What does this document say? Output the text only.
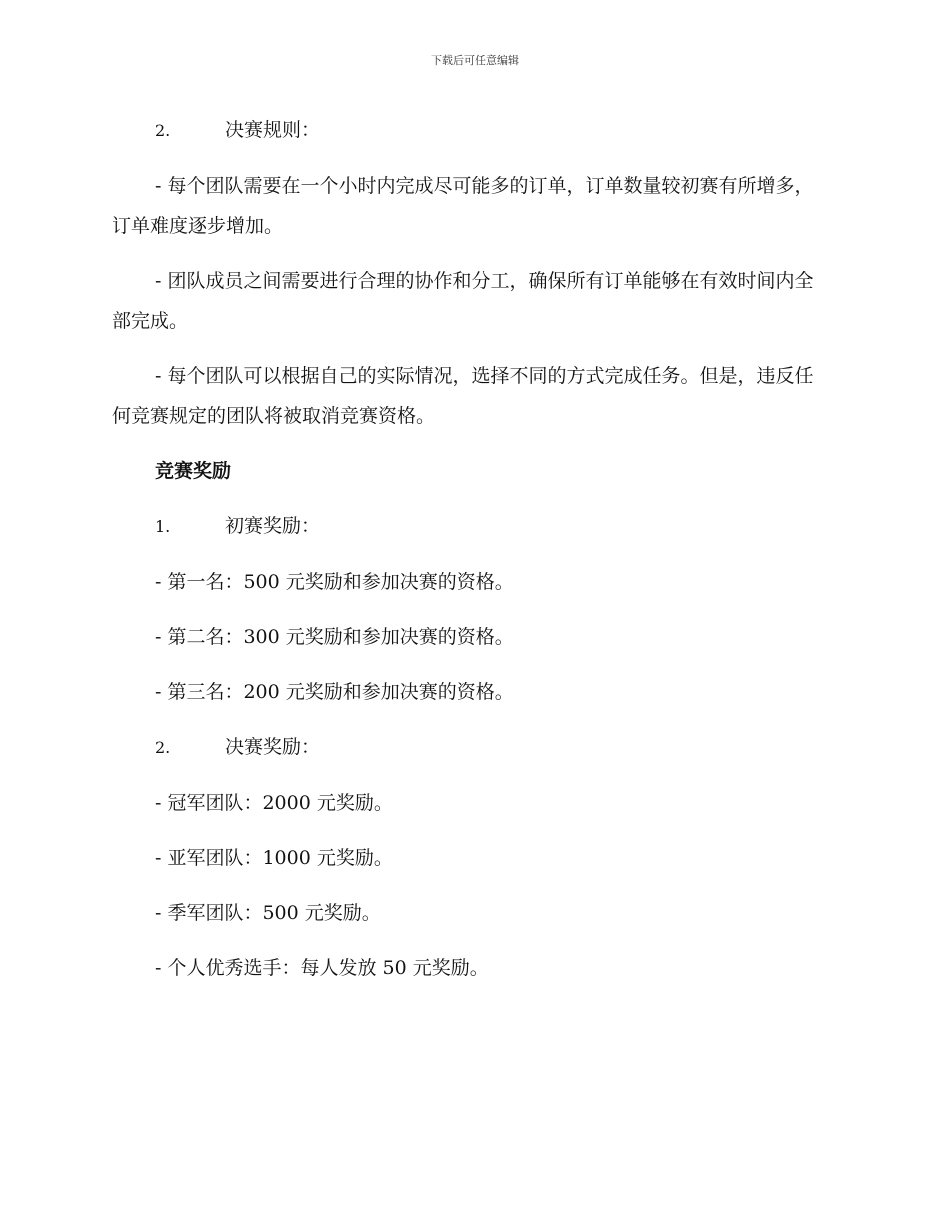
下载后可任意编辑
2.	决赛规则：
- 每个团队需要在一个小时内完成尽可能多的订单，订单数量较初赛有所增多，订单难度逐步增加。
- 团队成员之间需要进行合理的协作和分工，确保所有订单能够在有效时间内全部完成。
- 每个团队可以根据自己的实际情况，选择不同的方式完成任务。但是，违反任何竞赛规定的团队将被取消竞赛资格。
竞赛奖励
1.	初赛奖励：
- 第一名：500 元奖励和参加决赛的资格。
- 第二名：300 元奖励和参加决赛的资格。
- 第三名：200 元奖励和参加决赛的资格。
2.	决赛奖励：
- 冠军团队：2000 元奖励。
- 亚军团队：1000 元奖励。
- 季军团队：500 元奖励。
- 个人优秀选手：每人发放 50 元奖励。
